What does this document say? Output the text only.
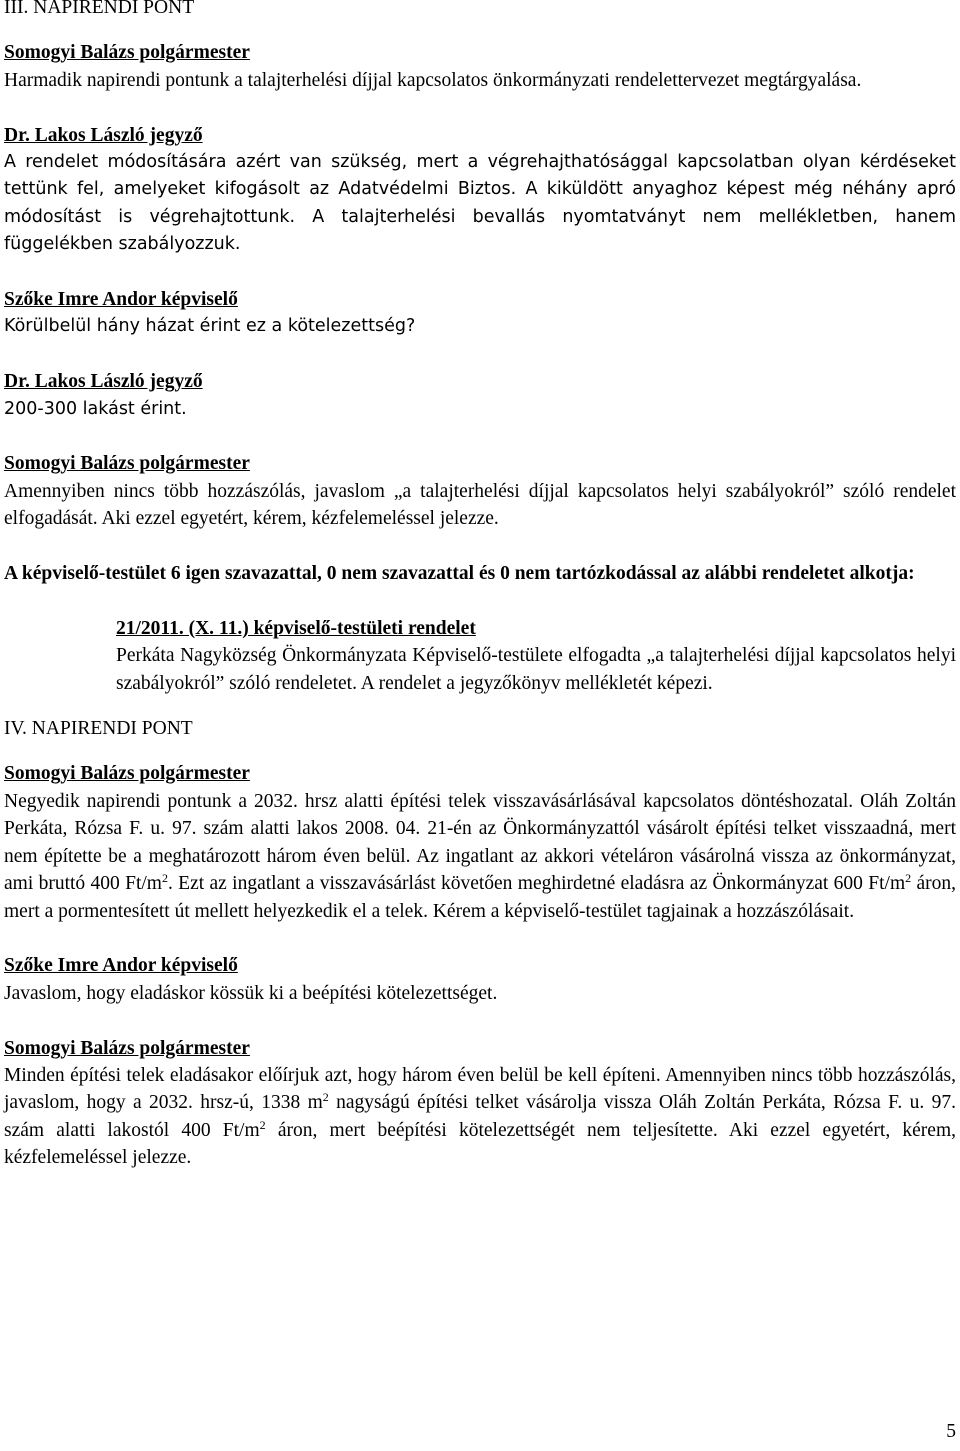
III. NAPIRENDI PONT

Somogyi Balázs polgármester

Harmadik napirendi pontunk a talajterhelési díjjal kapcsolatos önkormányzati rendelettervezet megtárgyalása.

Dr. Lakos László jegyző

A rendelet módosítására azért van szükség, mert a végrehajthatósággal kapcsolatban olyan kérdéseket tettünk fel, amelyeket kifogásolt az Adatvédelmi Biztos. A kiküldött anyaghoz képest még néhány apró módosítást is végrehajtottunk. A talajterhelési bevallás nyomtatványt nem mellékletben, hanem függelékben szabályozzuk.

Szőke Imre Andor képviselő

Körülbelül hány házat érint ez a kötelezettség?

Dr. Lakos László jegyző

200-300 lakást érint.

Somogyi Balázs polgármester

Amennyiben nincs több hozzászólás, javaslom „a talajterhelési díjjal kapcsolatos helyi szabályokról” szóló rendelet elfogadását. Aki ezzel egyetért, kérem, kézfelemeléssel jelezze.

A képviselő-testület 6 igen szavazattal, 0 nem szavazattal és 0 nem tartózkodással az alábbi rendeletet alkotja:

21/2011. (X. 11.) képviselő-testületi rendelet

Perkáta Nagyközség Önkormányzata Képviselő-testülete elfogadta „a talajterhelési díjjal kapcsolatos helyi szabályokról” szóló rendeletet. A rendelet a jegyzőkönyv mellékletét képezi.

IV. NAPIRENDI PONT

Somogyi Balázs polgármester

Negyedik napirendi pontunk a 2032. hrsz alatti építési telek visszavásárlásával kapcsolatos döntéshozatal. Oláh Zoltán Perkáta, Rózsa F. u. 97. szám alatti lakos 2008. 04. 21-én az Önkormányzattól vásárolt építési telket visszaadná, mert nem építette be a meghatározott három éven belül. Az ingatlant az akkori vételáron vásárolná vissza az önkormányzat, ami bruttó 400 $Ft/m^2$. Ezt az ingatlant a visszavásárlást követően meghirdetné eladásra az Önkormányzat 600 $Ft/m^2$ áron, mert a pormentesített út mellett helyezkedik el a telek. Kérem a képviselő-testület tagjainak a hozzászólásait.

Szőke Imre Andor képviselő

Javaslom, hogy eladáskor kössük ki a beépítési kötelezettséget.

Somogyi Balázs polgármester

Minden építési telek eladásakor előírjuk azt, hogy három éven belül be kell építeni. Amennyiben nincs több hozzászólás, javaslom, hogy a 2032. hrsz-ú, 1338 $m^2$ nagyságú építési telket vásárolja vissza Oláh Zoltán Perkáta, Rózsa F. u. 97. szám alatti lakostól 400 $Ft/m^2$ áron, mert beépítési kötelezettségét nem teljesítette. Aki ezzel egyetért, kérem, kézfelemeléssel jelezze.

5
